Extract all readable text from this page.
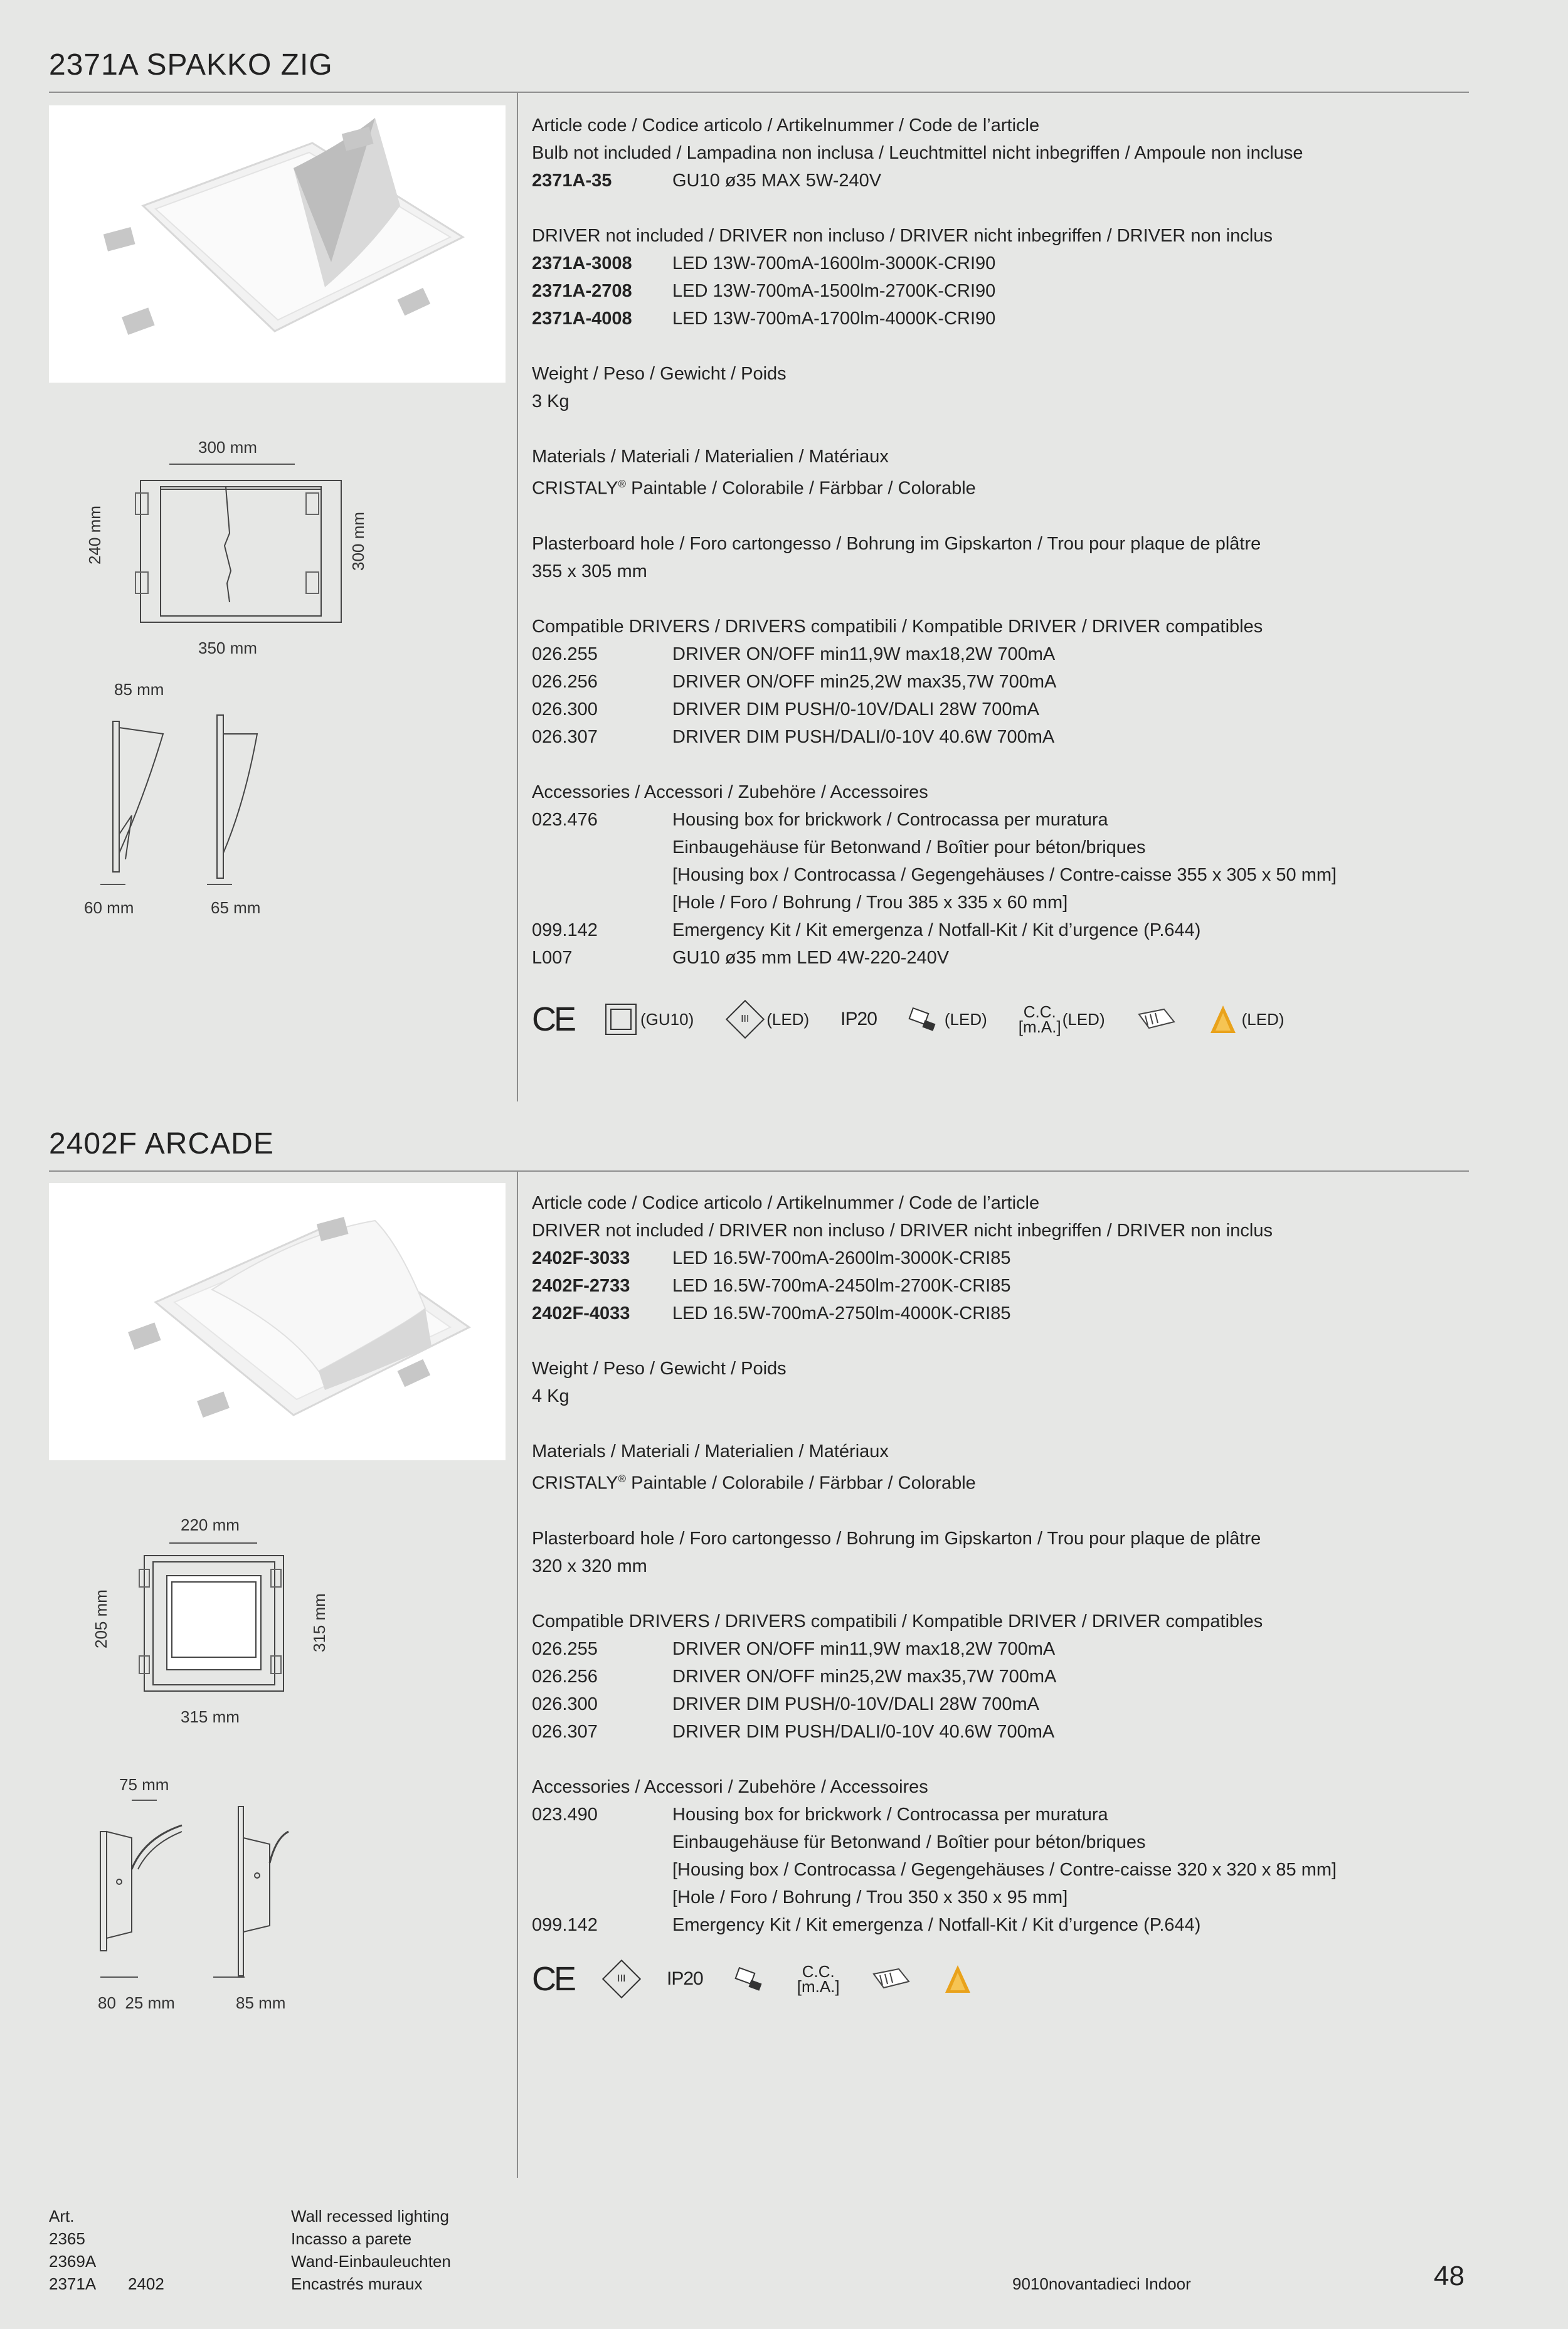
2371A SPAKKO ZIG
300 mm
240 mm	300 mm
350 mm
85 mm
60 mm	65 mm
Article code / Codice articolo / Artikelnummer / Code de l’article
Bulb not included / Lampadina non inclusa / Leuchtmittel nicht inbegriffen / Ampoule non incluse
2371A-35	GU10 ø35 MAX 5W-240V
DRIVER not included / DRIVER non incluso / DRIVER nicht inbegriffen / DRIVER non inclus
2371A-3008	LED 13W-700mA-1600lm-3000K-CRI90
2371A-2708	LED 13W-700mA-1500lm-2700K-CRI90
2371A-4008	LED 13W-700mA-1700lm-4000K-CRI90
Weight / Peso / Gewicht / Poids
3 Kg
Materials / Materiali / Materialien / Matériaux
CRISTALY® Paintable / Colorabile / Färbbar / Colorable
Plasterboard hole / Foro cartongesso / Bohrung im Gipskarton / Trou pour plaque de plâtre
355 x 305 mm
Compatible DRIVERS / DRIVERS compatibili / Kompatible DRIVER / DRIVER compatibles
026.255	DRIVER ON/OFF min11,9W max18,2W 700mA
026.256	DRIVER ON/OFF min25,2W max35,7W 700mA
026.300	DRIVER DIM PUSH/0-10V/DALI 28W 700mA
026.307	DRIVER DIM PUSH/DALI/0-10V 40.6W 700mA
Accessories / Accessori / Zubehöre / Accessoires
023.476	Housing box for brickwork / Controcassa per muratura
Einbaugehäuse für Betonwand / Boîtier pour béton/briques
[Housing box / Controcassa / Gegengehäuses / Contre-caisse 355 x 305 x 50 mm]
[Hole / Foro / Bohrung / Trou 385 x 335 x 60 mm]
099.142	Emergency Kit / Kit emergenza / Notfall-Kit / Kit d’urgence (P.644)
L007	GU10 ø35 mm LED 4W-220-240V
CE	(GU10)	III (LED) IP20	(LED) C.C.
[m.A.] (LED)	(LED)
2402F ARCADE
220 mm
205 mm	315 mm
315 mm
75 mm
80  25 mm	85 mm
Article code / Codice articolo / Artikelnummer / Code de l’article
DRIVER not included / DRIVER non incluso / DRIVER nicht inbegriffen / DRIVER non inclus
2402F-3033	LED 16.5W-700mA-2600lm-3000K-CRI85
2402F-2733	LED 16.5W-700mA-2450lm-2700K-CRI85
2402F-4033	LED 16.5W-700mA-2750lm-4000K-CRI85
Weight / Peso / Gewicht / Poids
4 Kg
Materials / Materiali / Materialien / Matériaux
CRISTALY® Paintable / Colorabile / Färbbar / Colorable
Plasterboard hole / Foro cartongesso / Bohrung im Gipskarton / Trou pour plaque de plâtre
320 x 320 mm
Compatible DRIVERS / DRIVERS compatibili / Kompatible DRIVER / DRIVER compatibles
026.255	DRIVER ON/OFF min11,9W max18,2W 700mA
026.256	DRIVER ON/OFF min25,2W max35,7W 700mA
026.300	DRIVER DIM PUSH/0-10V/DALI 28W 700mA
026.307	DRIVER DIM PUSH/DALI/0-10V 40.6W 700mA
Accessories / Accessori / Zubehöre / Accessoires
023.490	Housing box for brickwork / Controcassa per muratura
Einbaugehäuse für Betonwand / Boîtier pour béton/briques
[Housing box / Controcassa / Gegengehäuses / Contre-caisse 320 x 320 x 85 mm]
[Hole / Foro / Bohrung / Trou 350 x 350 x 95 mm]
099.142	Emergency Kit / Kit emergenza / Notfall-Kit / Kit d’urgence (P.644)
CE	III IP20	C.C.
[m.A.]
Art.
2365
2369A
2371A 2402
Wall recessed lighting
Incasso a parete
Wand-Einbauleuchten
Encastrés muraux	9010novantadieci Indoor	48
